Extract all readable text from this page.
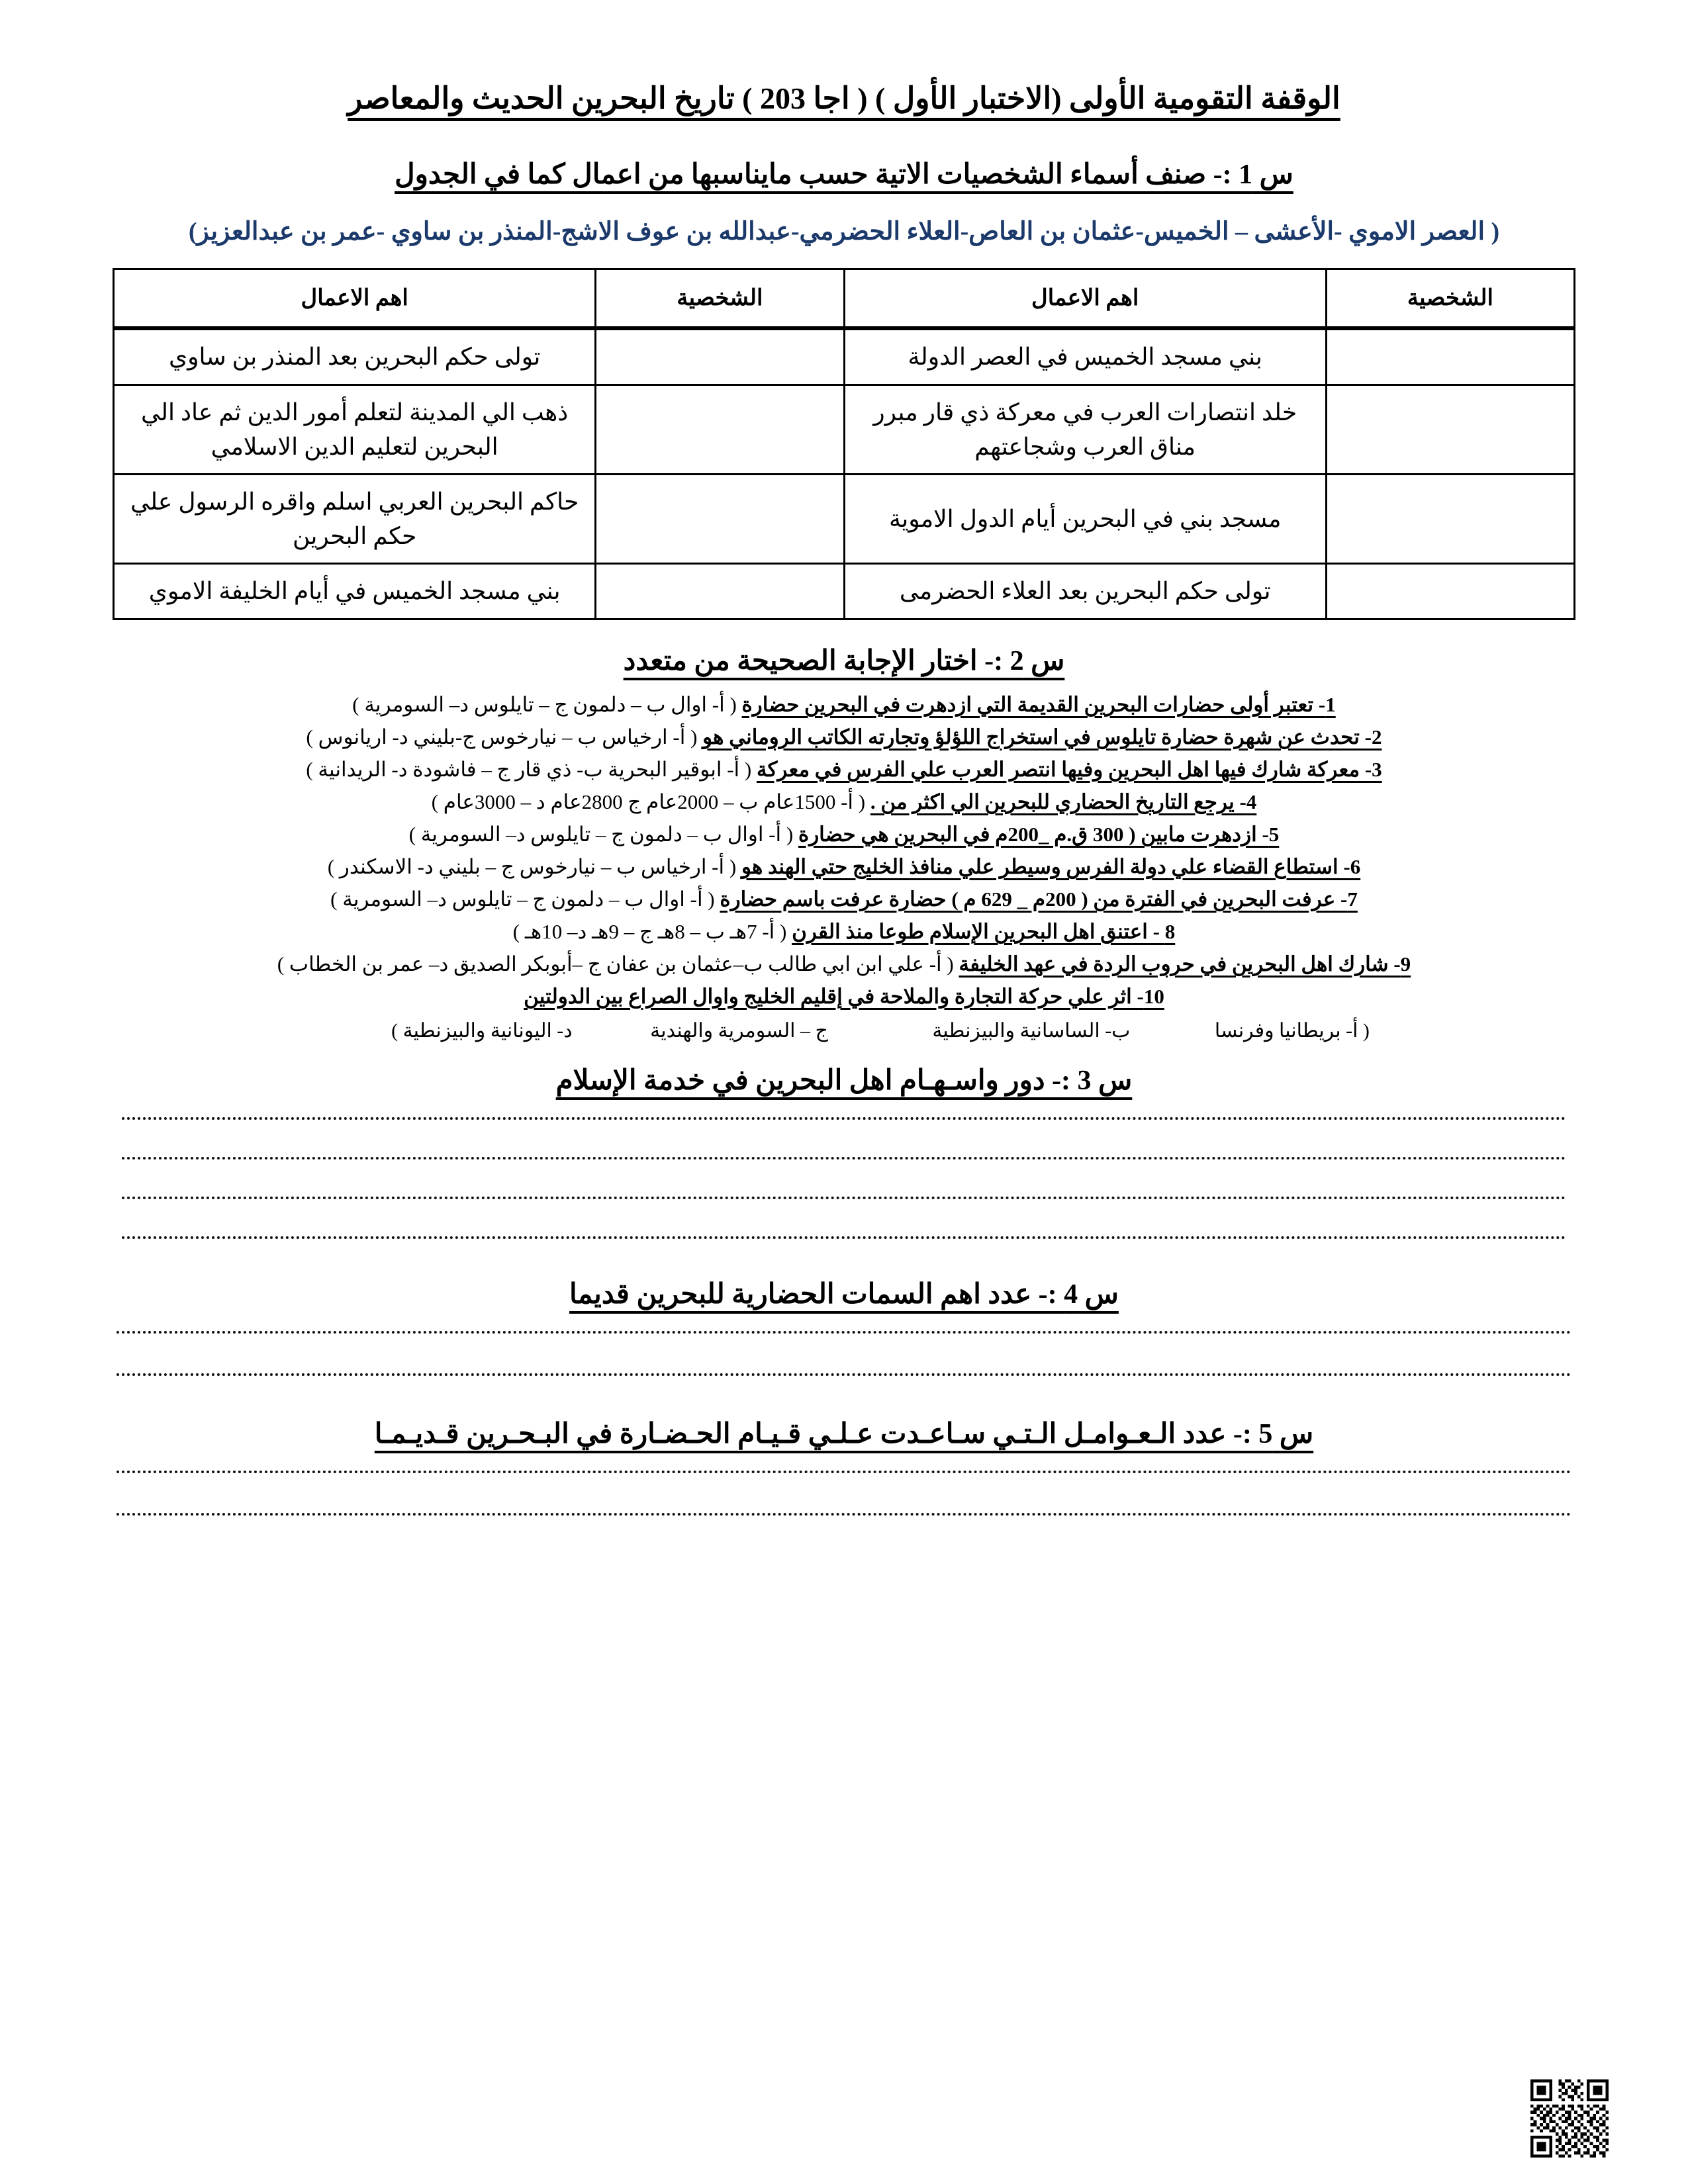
الوقفة التقومية الأولى (الاختبار الأول ) ( اجا 203 ) تاريخ البحرين الحديث والمعاصر
س 1 :- صنف أسماء الشخصيات الاتية حسب مايناسبها من اعمال كما في الجدول
( العصر الاموي -الأعشى – الخميس-عثمان بن العاص-العلاء الحضرمي-عبدالله بن عوف الاشج-المنذر بن ساوي -عمر بن عبدالعزيز)
الشخصية	اهم الاعمال	الشخصية	اهم الاعمال
	بني مسجد الخميس في العصر الدولة		تولى حكم البحرين بعد المنذر بن ساوي
	خلد انتصارات العرب في معركة ذي قار مبرر مناق العرب وشجاعتهم		ذهب الي المدينة لتعلم أمور الدين ثم عاد الي البحرين لتعليم الدين الاسلامي
	مسجد بني في البحرين أيام الدول الاموية		حاكم البحرين العربي اسلم واقره الرسول علي حكم البحرين
	تولى حكم البحرين بعد العلاء الحضرمى		بني مسجد الخميس في أيام الخليفة الاموي
س 2 :- اختار الإجابة الصحيحة من متعدد
1- تعتبر أولى حضارات البحرين القديمة التي ازدهرت في البحرين حضارة ( أ- اوال ب – دلمون ج – تايلوس د– السومرية )
2- تحدث عن شهرة حضارة تايلوس في استخراج اللؤلؤ وتجارته الكاتب الروماني هو ( أ- ارخياس ب – نيارخوس ج-بليني د- اريانوس )
3- معركة شارك فيها اهل البحرين وفيها انتصر العرب علي الفرس في معركة ( أ- ابوقير البحرية ب- ذي قار ج – فاشودة د- الريدانية )
4- يرجع التاريخ الحضاري للبحرين الي اكثر من . ( أ- 1500عام ب – 2000عام ج 2800عام د – 3000عام )
5- ازدهرت مابين ( 300 ق.م _200م في البحرين هي حضارة ( أ- اوال ب – دلمون ج – تايلوس د– السومرية )
6- استطاع القضاء علي دولة الفرس وسيطر علي منافذ الخليج حتي الهند هو ( أ- ارخياس ب – نيارخوس ج – بليني د- الاسكندر )
7- عرفت البحرين في الفترة من ( 200م _ 629 م ) حضارة عرفت باسم حضارة ( أ- اوال ب – دلمون ج – تايلوس د– السومرية )
8 - اعتنق اهل البحرين الإسلام طوعا منذ القرن ( أ- 7هـ ب – 8هـ ج – 9هـ د– 10هـ )
9- شارك اهل البحرين في حروب الردة في عهد الخليفة ( أ- علي ابن ابي طالب ب–عثمان بن عفان ج –أبوبكر الصديق د– عمر بن الخطاب )
10- اثر علي حركة التجارة والملاحة في إقليم الخليج واوال الصراع بين الدولتين
( أ- بريطانيا وفرنسا ب- الساسانية والبيزنطية ج – السومرية والهندية د- اليونانية والبيزنطية )
س 3 :- دور واسـهـام اهل البحرين في خدمة الإسلام
س 4 :- عدد اهم السمات الحضارية للبحرين قديما
س 5 :- عدد الـعـوامـل الـتـي سـاعـدت عـلـي قـيـام الحـضـارة في البـحـرين قـديـمـا
